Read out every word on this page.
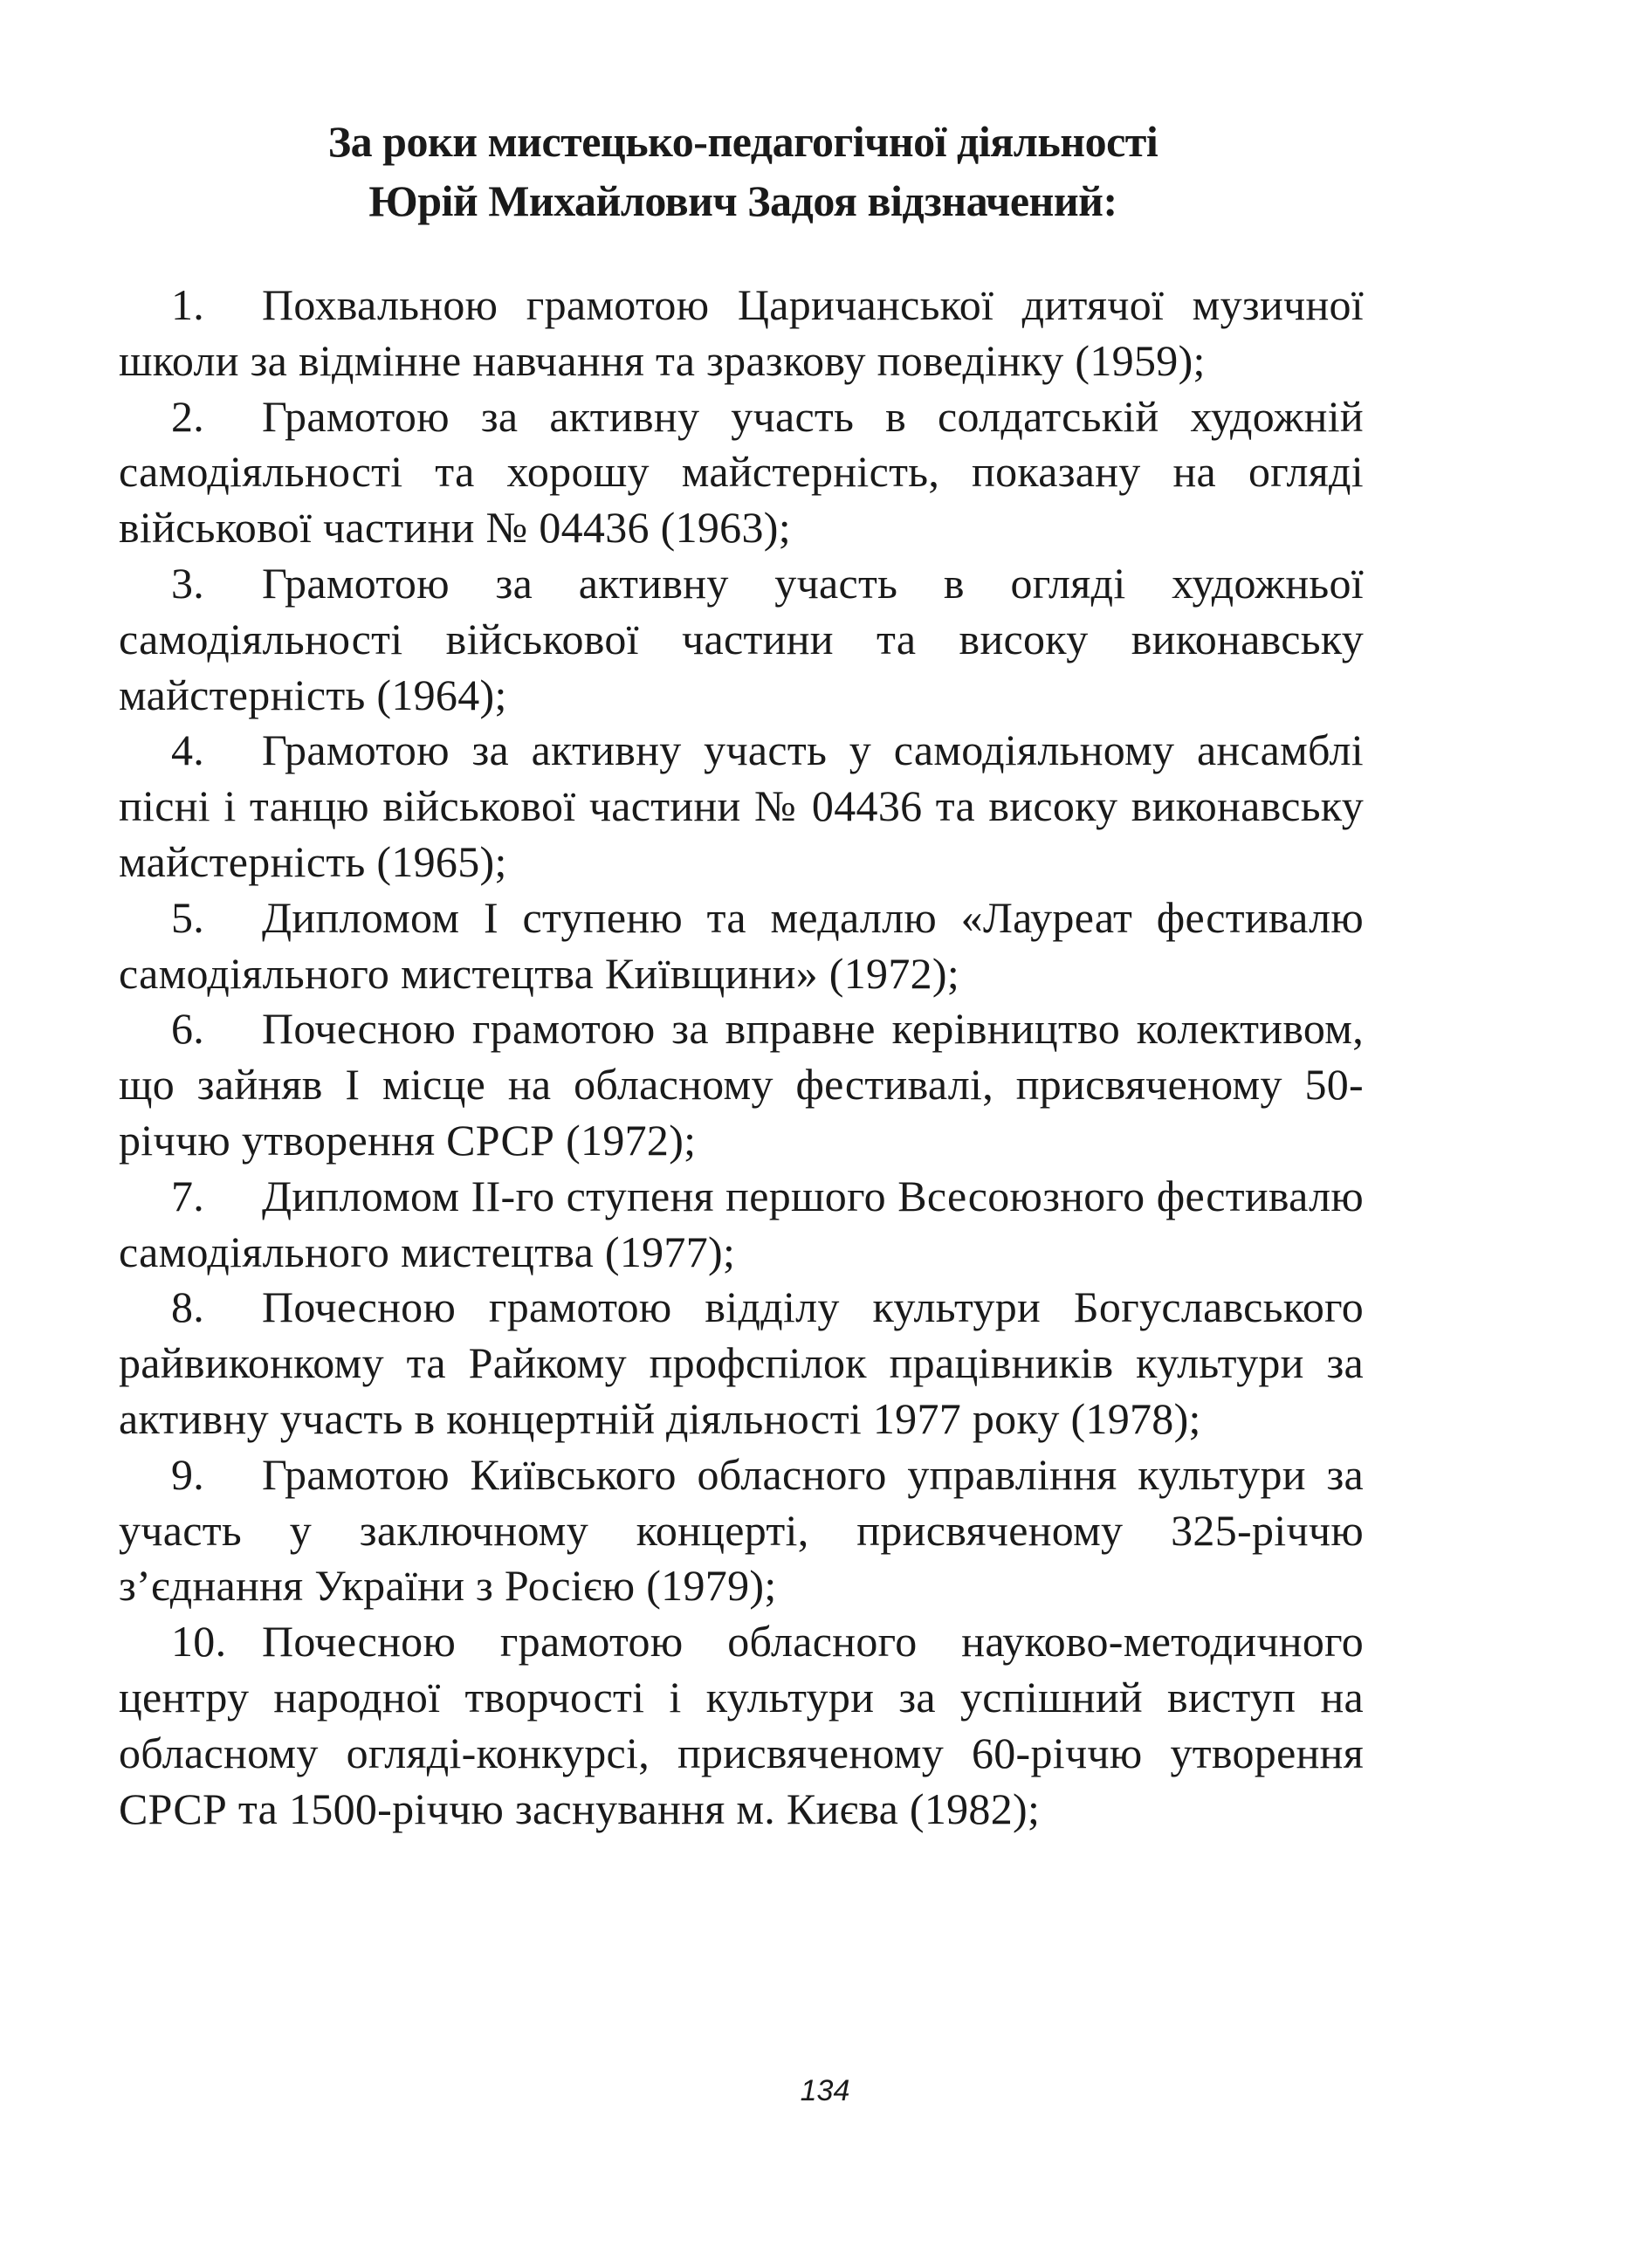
За роки мистецько-педагогічної діяльності
Юрій Михайлович Задоя відзначений:

1. Похвальною грамотою Царичанської дитячої музичної школи за відмінне навчання та зразкову поведінку (1959);

2. Грамотою за активну участь в солдатській художній самодіяльності та хорошу майстерність, показану на огляді військової частини № 04436 (1963);

3. Грамотою за активну участь в огляді художньої самодіяльності військової частини та високу виконавську майстерність (1964);

4. Грамотою за активну участь у самодіяльному ансамблі пісні і танцю військової частини № 04436 та високу виконавську майстерність (1965);

5. Дипломом І ступеню та медаллю «Лауреат фестивалю самодіяльного мистецтва Київщини» (1972);

6. Почесною грамотою за вправне керівництво колективом, що зайняв І місце на обласному фестивалі, присвяченому 50-річчю утворення СРСР (1972);

7. Дипломом ІІ-го ступеня першого Всесоюзного фестивалю самодіяльного мистецтва (1977);

8. Почесною грамотою відділу культури Богуславського райвиконкому та Райкому профспілок працівників культури за активну участь в концертній діяльності 1977 року (1978);

9. Грамотою Київського обласного управління культури за участь у заключному концерті, присвяченому 325-річчю з’єднання України з Росією (1979);

10. Почесною грамотою обласного науково-методичного центру народної творчості і культури за успішний виступ на обласному огляді-конкурсі, присвяченому 60-річчю утворення СРСР та 1500-річчю заснування м. Києва (1982);

134
